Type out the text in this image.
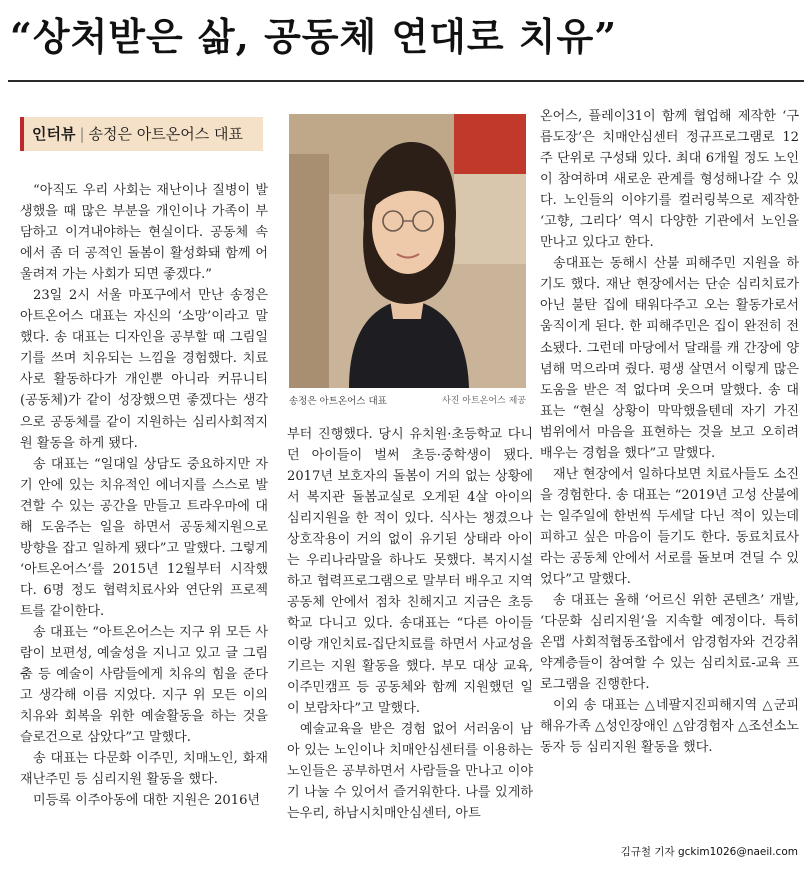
“상처받은 삶, 공동체 연대로 치유”
인터뷰 | 송정은 아트온어스 대표
송정은 아트온어스 대표	사진 아트온어스 제공

“아직도 우리 사회는 재난이나 질병이 발생했을 때 많은 부분을 개인이나 가족이 부담하고 이겨내야하는 현실이다. 공동체 속에서 좀 더 공적인 돌봄이 활성화돼 함께 어울려져 가는 사회가 되면 좋겠다.”

23일 2시 서울 마포구에서 만난 송정은 아트온어스 대표는 자신의 ‘소망’이라고 말했다. 송 대표는 디자인을 공부할 때 그림일기를 쓰며 치유되는 느낌을 경험했다. 치료사로 활동하다가 개인뿐 아니라 커뮤니티(공동체)가 같이 성장했으면 좋겠다는 생각으로 공동체를 같이 지원하는 심리사회적지원 활동을 하게 됐다.

송 대표는 “일대일 상담도 중요하지만 자기 안에 있는 치유적인 에너지를 스스로 발견할 수 있는 공간을 만들고 트라우마에 대해 도움주는 일을 하면서 공동체지원으로 방향을 잡고 일하게 됐다”고 말했다. 그렇게 ‘아트온어스’를 2015년 12월부터 시작했다. 6명 정도 협력치료사와 연단위 프로젝트를 같이한다.

송 대표는 “아트온어스는 지구 위 모든 사람이 보편성, 예술성을 지니고 있고 글 그림 춤 등 예술이 사람들에게 치유의 힘을 준다고 생각해 이름 지었다. 지구 위 모든 이의 치유와 회복을 위한 예술활동을 하는 것을 슬로건으로 삼았다”고 말했다.

송 대표는 다문화 이주민, 치매노인, 화재 재난주민 등 심리지원 활동을 했다.

미등록 이주아동에 대한 지원은 2016년

부터 진행했다. 당시 유치원·초등학교 다니던 아이들이 벌써 초등·중학생이 됐다. 2017년 보호자의 돌봄이 거의 없는 상황에서 복지관 돌봄교실로 오게된 4살 아이의 심리지원을 한 적이 있다. 식사는 챙겼으나 상호작용이 거의 없이 유기된 상태라 아이는 우리나라말을 하나도 못했다. 복지시설하고 협력프로그램으로 말부터 배우고 지역공동체 안에서 점차 친해지고 지금은 초등학교 다니고 있다. 송대표는 “다른 아이들이랑 개인치료-집단치료를 하면서 사교성을 기르는 지원 활동을 했다. 부모 대상 교육, 이주민캠프 등 공동체와 함께 지원했던 일이 보람차다”고 말했다.

예술교육을 받은 경험 없어 서러움이 남아 있는 노인이나 치매안심센터를 이용하는 노인들은 공부하면서 사람들을 만나고 이야기 나눌 수 있어서 즐거워한다. 나를 있게하는우리, 하남시치매안심센터, 아트

온어스, 플레이31이 함께 협업해 제작한 ‘구름도장’은 치매안심센터 정규프로그램로 12주 단위로 구성돼 있다. 최대 6개월 정도 노인이 참여하며 새로운 관계를 형성해나갈 수 있다. 노인들의 이야기를 컬러링북으로 제작한 ‘고향, 그리다’ 역시 다양한 기관에서 노인을 만나고 있다고 한다.

송대표는 동해시 산불 피해주민 지원을 하기도 했다. 재난 현장에서는 단순 심리치료가 아닌 불탄 집에 태워다주고 오는 활동가로서 움직이게 된다. 한 피해주민은 집이 완전히 전소됐다. 그런데 마당에서 달래를 캐 간장에 양념해 먹으라며 줬다. 평생 살면서 이렇게 많은 도움을 받은 적 없다며 웃으며 말했다. 송 대표는 “현실 상황이 막막했을텐데 자기 가진 범위에서 마음을 표현하는 것을 보고 오히려 배우는 경험을 했다”고 말했다.

재난 현장에서 일하다보면 치료사들도 소진을 경험한다. 송 대표는 “2019년 고성 산불에는 일주일에 한번씩 두세달 다닌 적이 있는데 피하고 싶은 마음이 들기도 한다. 동료치료사라는 공동체 안에서 서로를 돌보며 견딜 수 있었다”고 말했다.

송 대표는 올해 ‘어르신 위한 콘텐츠’ 개발, ‘다문화 심리지원’을 지속할 예정이다. 특히 온맵 사회적협동조합에서 암경험자와 건강취약계층들이 참여할 수 있는 심리치료-교육 프로그램을 진행한다.

이외 송 대표는 △네팔지진피해지역 △군피해유가족 △성인장애인 △암경험자 △조선소노동자 등 심리지원 활동을 했다.

김규철 기자 gckim1026@naeil.com
